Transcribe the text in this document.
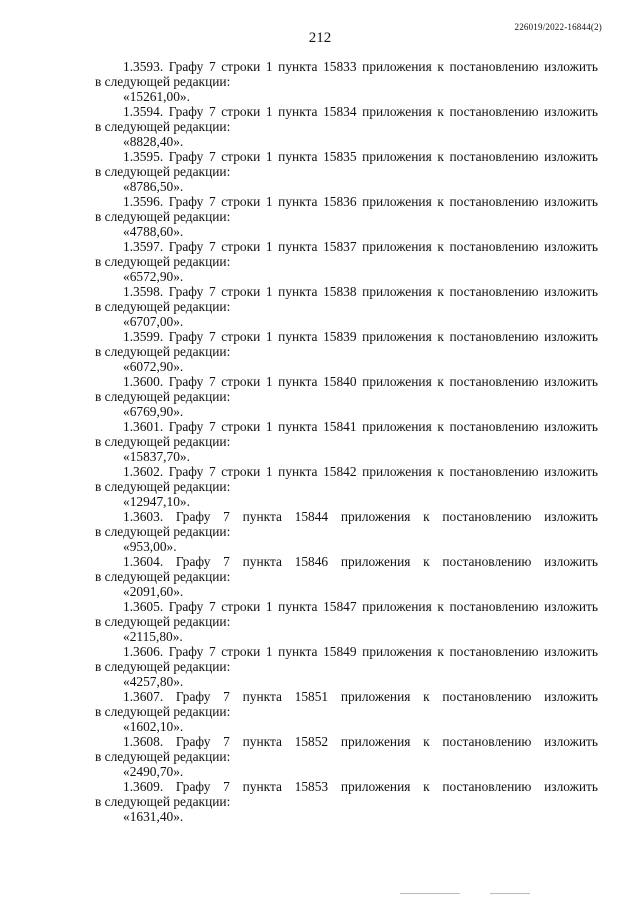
212
226019/2022-16844(2)
1.3593. Графу 7 строки 1 пункта 15833 приложения к постановлению изложить
в следующей редакции:
«15261,00».
1.3594. Графу 7 строки 1 пункта 15834 приложения к постановлению изложить
в следующей редакции:
«8828,40».
1.3595. Графу 7 строки 1 пункта 15835 приложения к постановлению изложить
в следующей редакции:
«8786,50».
1.3596. Графу 7 строки 1 пункта 15836 приложения к постановлению изложить
в следующей редакции:
«4788,60».
1.3597. Графу 7 строки 1 пункта 15837 приложения к постановлению изложить
в следующей редакции:
«6572,90».
1.3598. Графу 7 строки 1 пункта 15838 приложения к постановлению изложить
в следующей редакции:
«6707,00».
1.3599. Графу 7 строки 1 пункта 15839 приложения к постановлению изложить
в следующей редакции:
«6072,90».
1.3600. Графу 7 строки 1 пункта 15840 приложения к постановлению изложить
в следующей редакции:
«6769,90».
1.3601. Графу 7 строки 1 пункта 15841 приложения к постановлению изложить
в следующей редакции:
«15837,70».
1.3602. Графу 7 строки 1 пункта 15842 приложения к постановлению изложить
в следующей редакции:
«12947,10».
1.3603. Графу 7 пункта 15844 приложения к постановлению изложить
в следующей редакции:
«953,00».
1.3604. Графу 7 пункта 15846 приложения к постановлению изложить
в следующей редакции:
«2091,60».
1.3605. Графу 7 строки 1 пункта 15847 приложения к постановлению изложить
в следующей редакции:
«2115,80».
1.3606. Графу 7 строки 1 пункта 15849 приложения к постановлению изложить
в следующей редакции:
«4257,80».
1.3607. Графу 7 пункта 15851 приложения к постановлению изложить
в следующей редакции:
«1602,10».
1.3608. Графу 7 пункта 15852 приложения к постановлению изложить
в следующей редакции:
«2490,70».
1.3609. Графу 7 пункта 15853 приложения к постановлению изложить
в следующей редакции:
«1631,40».
